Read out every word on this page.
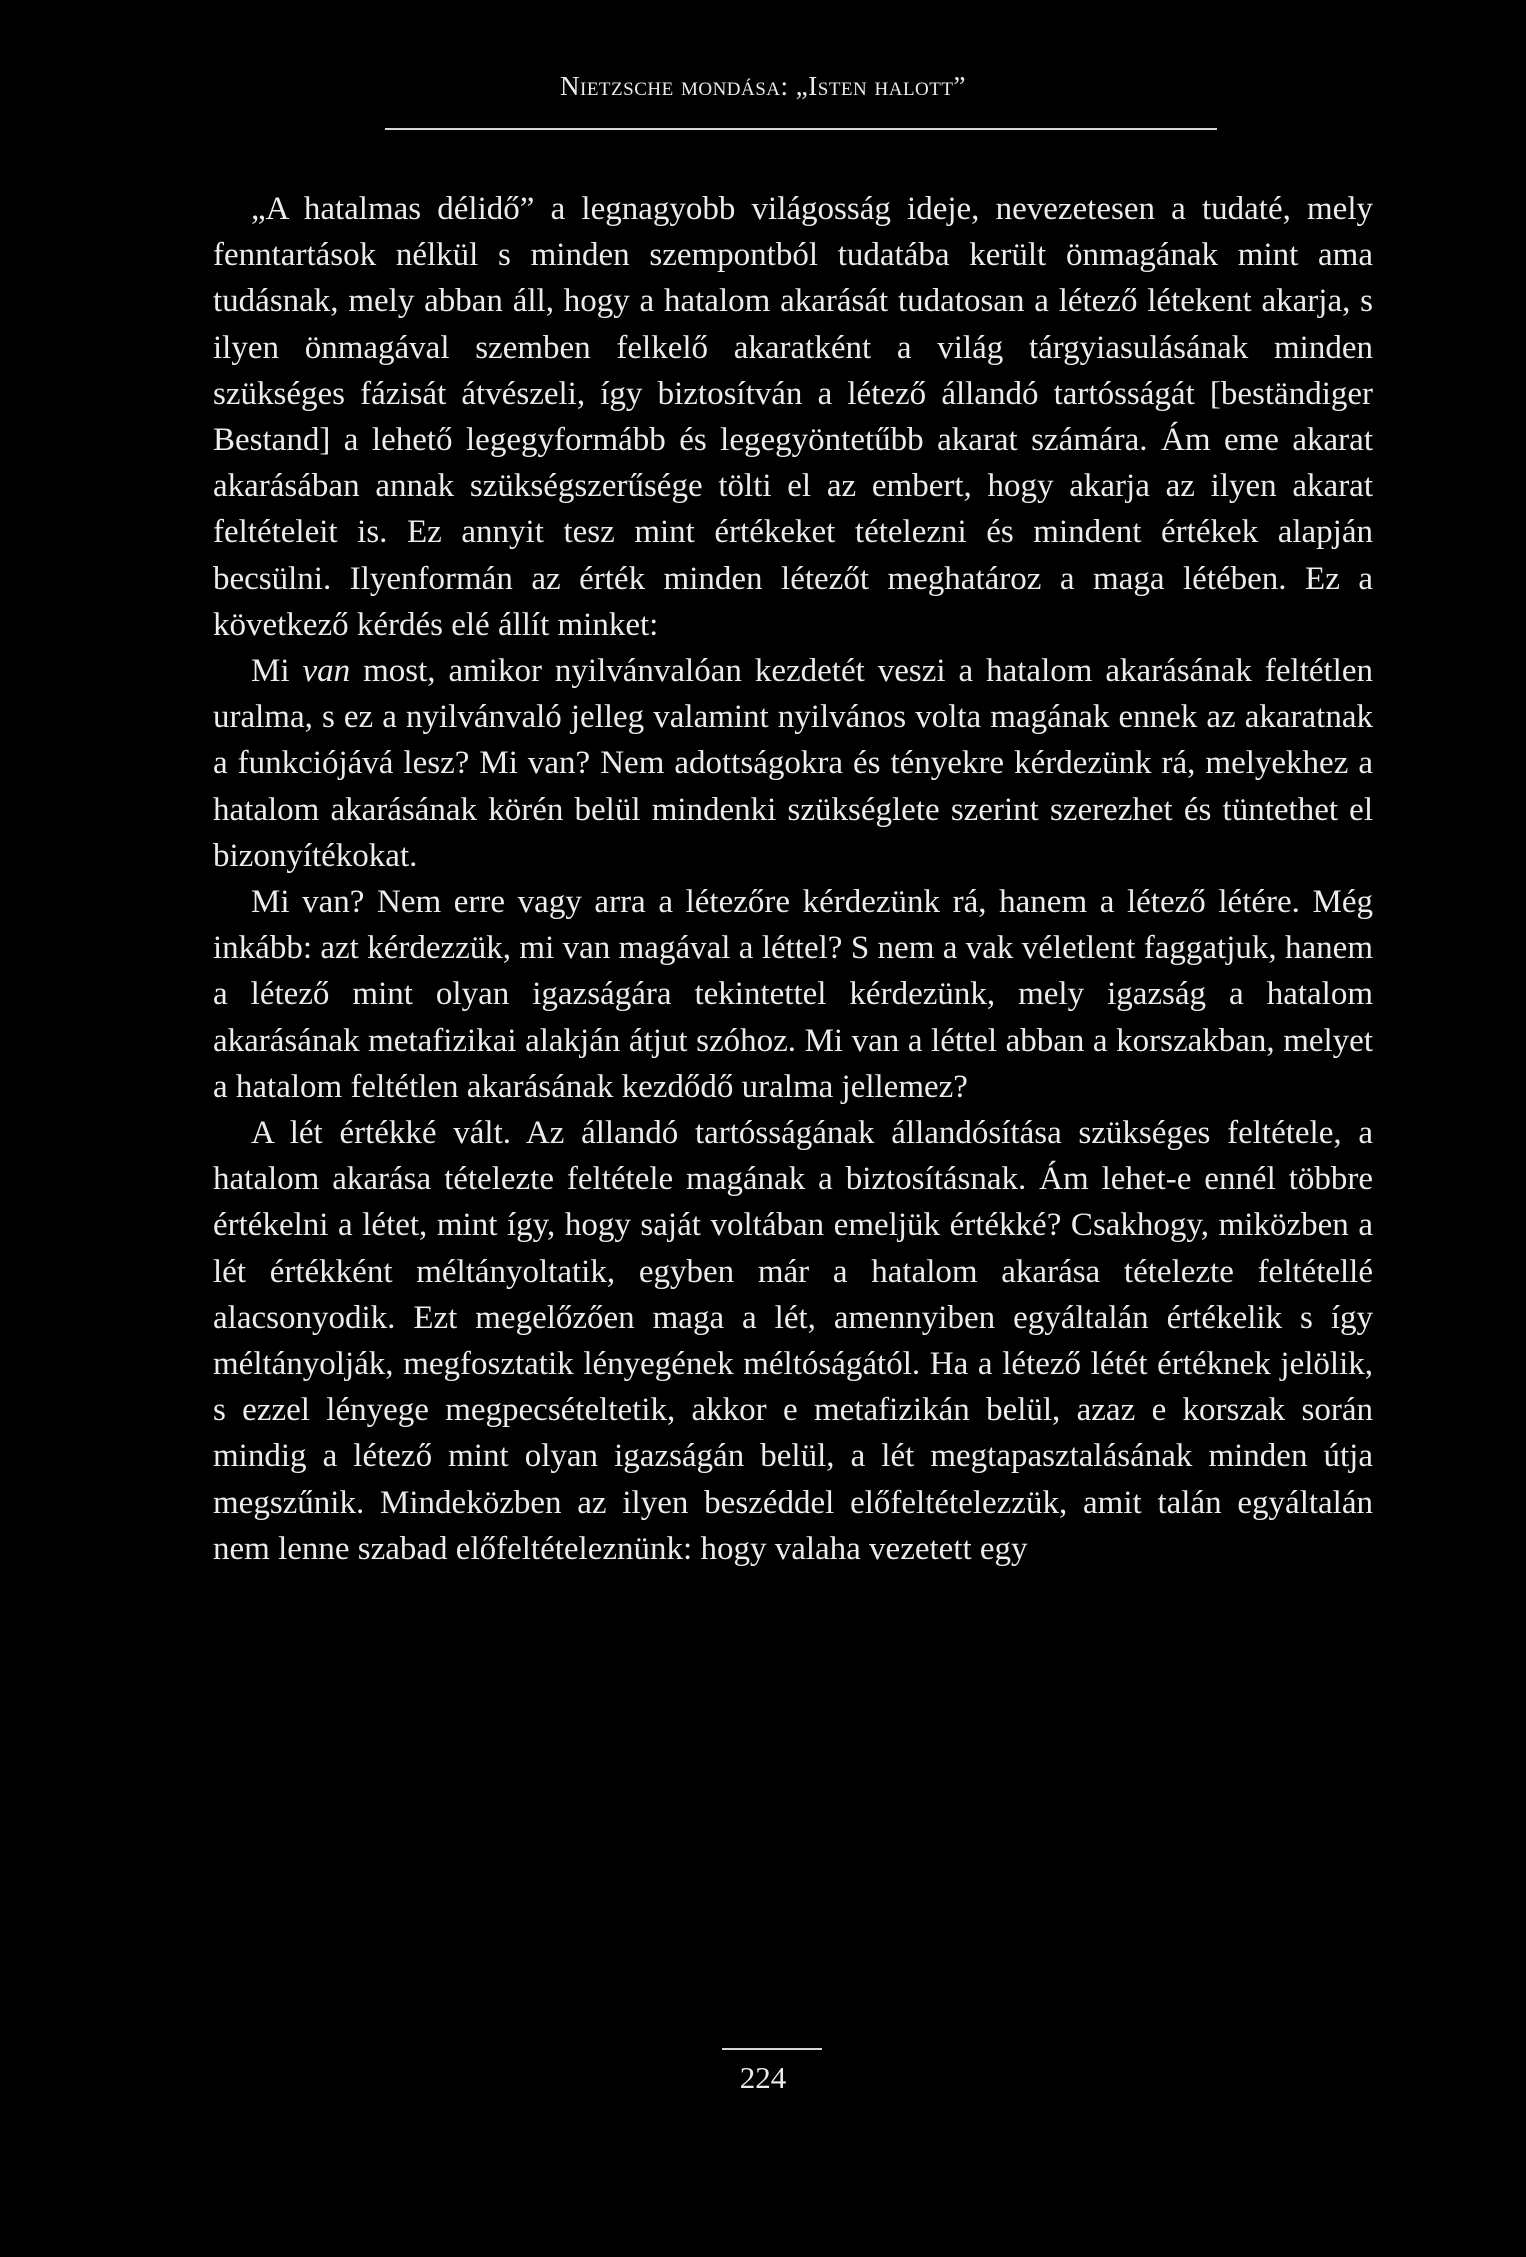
Nietzsche mondása: „Isten halott”

„A hatalmas délidő” a legnagyobb világosság ideje, nevezetesen a tudaté, mely fenntartások nélkül s minden szempontból tudatába került önmagának mint ama tudásnak, mely abban áll, hogy a hatalom akarását tudatosan a létező létekent akarja, s ilyen önmagával szemben felkelő akaratként a világ tárgyiasulásának minden szükséges fázisát átvészeli, így biztosítván a létező állandó tartósságát [beständiger Bestand] a lehető legegyformább és legegyöntetűbb akarat számára. Ám eme akarat akarásában annak szükségszerűsége tölti el az embert, hogy akarja az ilyen akarat feltételeit is. Ez annyit tesz mint értékeket tételezni és mindent értékek alapján becsülni. Ilyenformán az érték minden létezőt meghatároz a maga létében. Ez a következő kérdés elé állít minket:

Mi van most, amikor nyilvánvalóan kezdetét veszi a hatalom akarásának feltétlen uralma, s ez a nyilvánvaló jelleg valamint nyilvános volta magának ennek az akaratnak a funkciójává lesz? Mi van? Nem adottságokra és tényekre kérdezünk rá, melyekhez a hatalom akarásának körén belül mindenki szükséglete szerint szerezhet és tüntethet el bizonyítékokat.

Mi van? Nem erre vagy arra a létezőre kérdezünk rá, hanem a létező létére. Még inkább: azt kérdezzük, mi van magával a léttel? S nem a vak véletlent faggatjuk, hanem a létező mint olyan igazságára tekintettel kérdezünk, mely igazság a hatalom akarásának metafizikai alakján átjut szóhoz. Mi van a léttel abban a korszakban, melyet a hatalom feltétlen akarásának kezdődő uralma jellemez?

A lét értékké vált. Az állandó tartósságának állandósítása szükséges feltétele, a hatalom akarása tételezte feltétele magának a biztosításnak. Ám lehet-e ennél többre értékelni a létet, mint így, hogy saját voltában emeljük értékké? Csakhogy, miközben a lét értékként méltányoltatik, egyben már a hatalom akarása tételezte feltétellé alacsonyodik. Ezt megelőzően maga a lét, amennyiben egyáltalán értékelik s így méltányolják, megfosztatik lényegének méltóságától. Ha a létező létét értéknek jelölik, s ezzel lényege megpecsételtetik, akkor e metafizikán belül, azaz e korszak során mindig a létező mint olyan igazságán belül, a lét megtapasztalásának minden útja megszűnik. Mindeközben az ilyen beszéddel előfeltételezzük, amit talán egyáltalán nem lenne szabad előfeltételeznünk: hogy valaha vezetett egy

224
